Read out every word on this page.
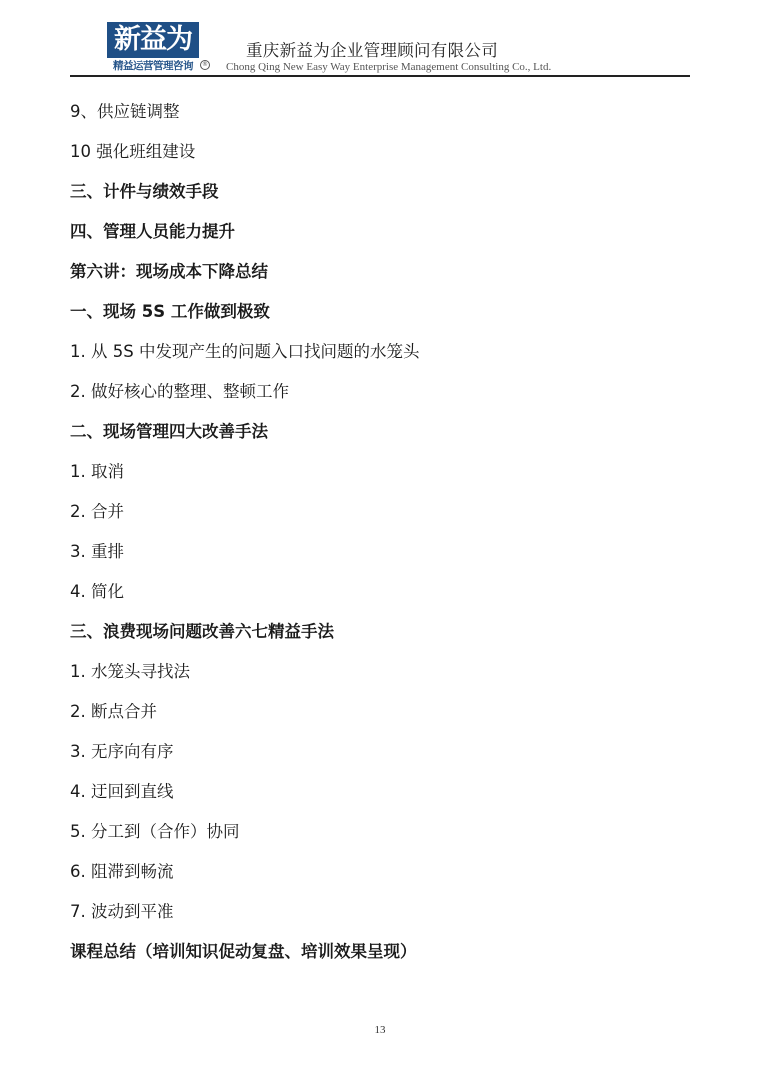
新益为
精益运营管理咨询	®
重庆新益为企业管理顾问有限公司
Chong Qing New Easy Way Enterprise Management Consulting Co., Ltd.
9、供应链调整
10 强化班组建设
三、计件与绩效手段
四、管理人员能力提升
第六讲：现场成本下降总结
一、现场 5S 工作做到极致
1. 从 5S 中发现产生的问题入口找问题的水笼头
2. 做好核心的整理、整顿工作
二、现场管理四大改善手法
1. 取消
2. 合并
3. 重排
4. 简化
三、浪费现场问题改善六七精益手法
1. 水笼头寻找法
2. 断点合并
3. 无序向有序
4. 迂回到直线
5. 分工到（合作）协同
6. 阻滞到畅流
7. 波动到平准
课程总结（培训知识促动复盘、培训效果呈现）
13
